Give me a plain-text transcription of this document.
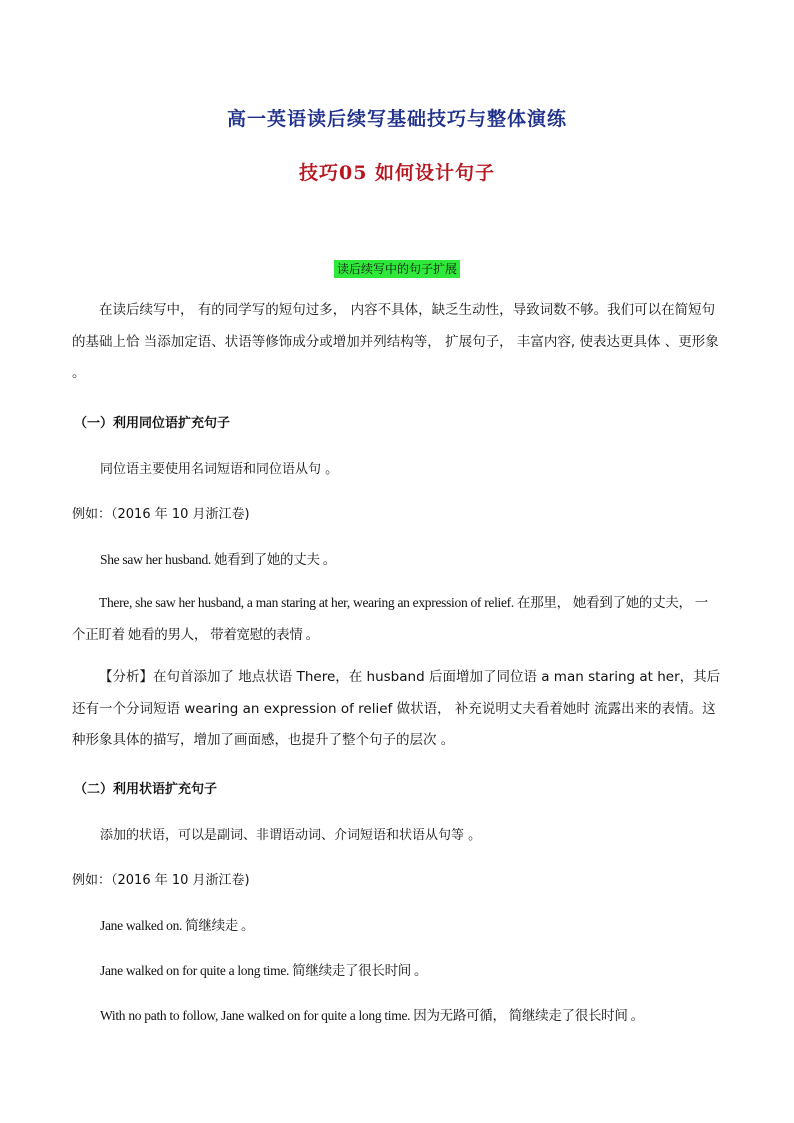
高一英语读后续写基础技巧与整体演练
技巧05 如何设计句子
读后续写中的句子扩展
在读后续写中， 有的同学写的短句过多， 内容不具体，缺乏生动性，导致词数不够。我们可以在简短句的基础上恰 当添加定语、状语等修饰成分或增加并列结构等， 扩展句子， 丰富内容, 使表达更具体 、更形象 。
（一）利用同位语扩充句子
同位语主要使用名词短语和同位语从句 。
例如：（2016 年 10 月浙江卷)
She saw her husband. 她看到了她的丈夫 。
There, she saw her husband, a man staring at her, wearing an expression of relief. 在那里， 她看到了她的丈夫， 一 个正盯着 她看的男人， 带着宽慰的表情 。
【分析】在句首添加了 地点状语 There，在 husband 后面增加了同位语 a man staring at her，其后还有一个分词短语 wearing an expression of relief 做状语， 补充说明丈夫看着她时 流露出来的表情。这种形象具体的描写，增加了画面感，也提升了整个句子的层次 。
（二）利用状语扩充句子
添加的状语，可以是副词、非谓语动词、介词短语和状语从句等 。
例如：（2016 年 10 月浙江卷)
Jane walked on. 简继续走 。
Jane walked on for quite a long time. 简继续走了很长时间 。
With no path to follow, Jane walked on for quite a long time. 因为无路可循， 简继续走了很长时间 。
